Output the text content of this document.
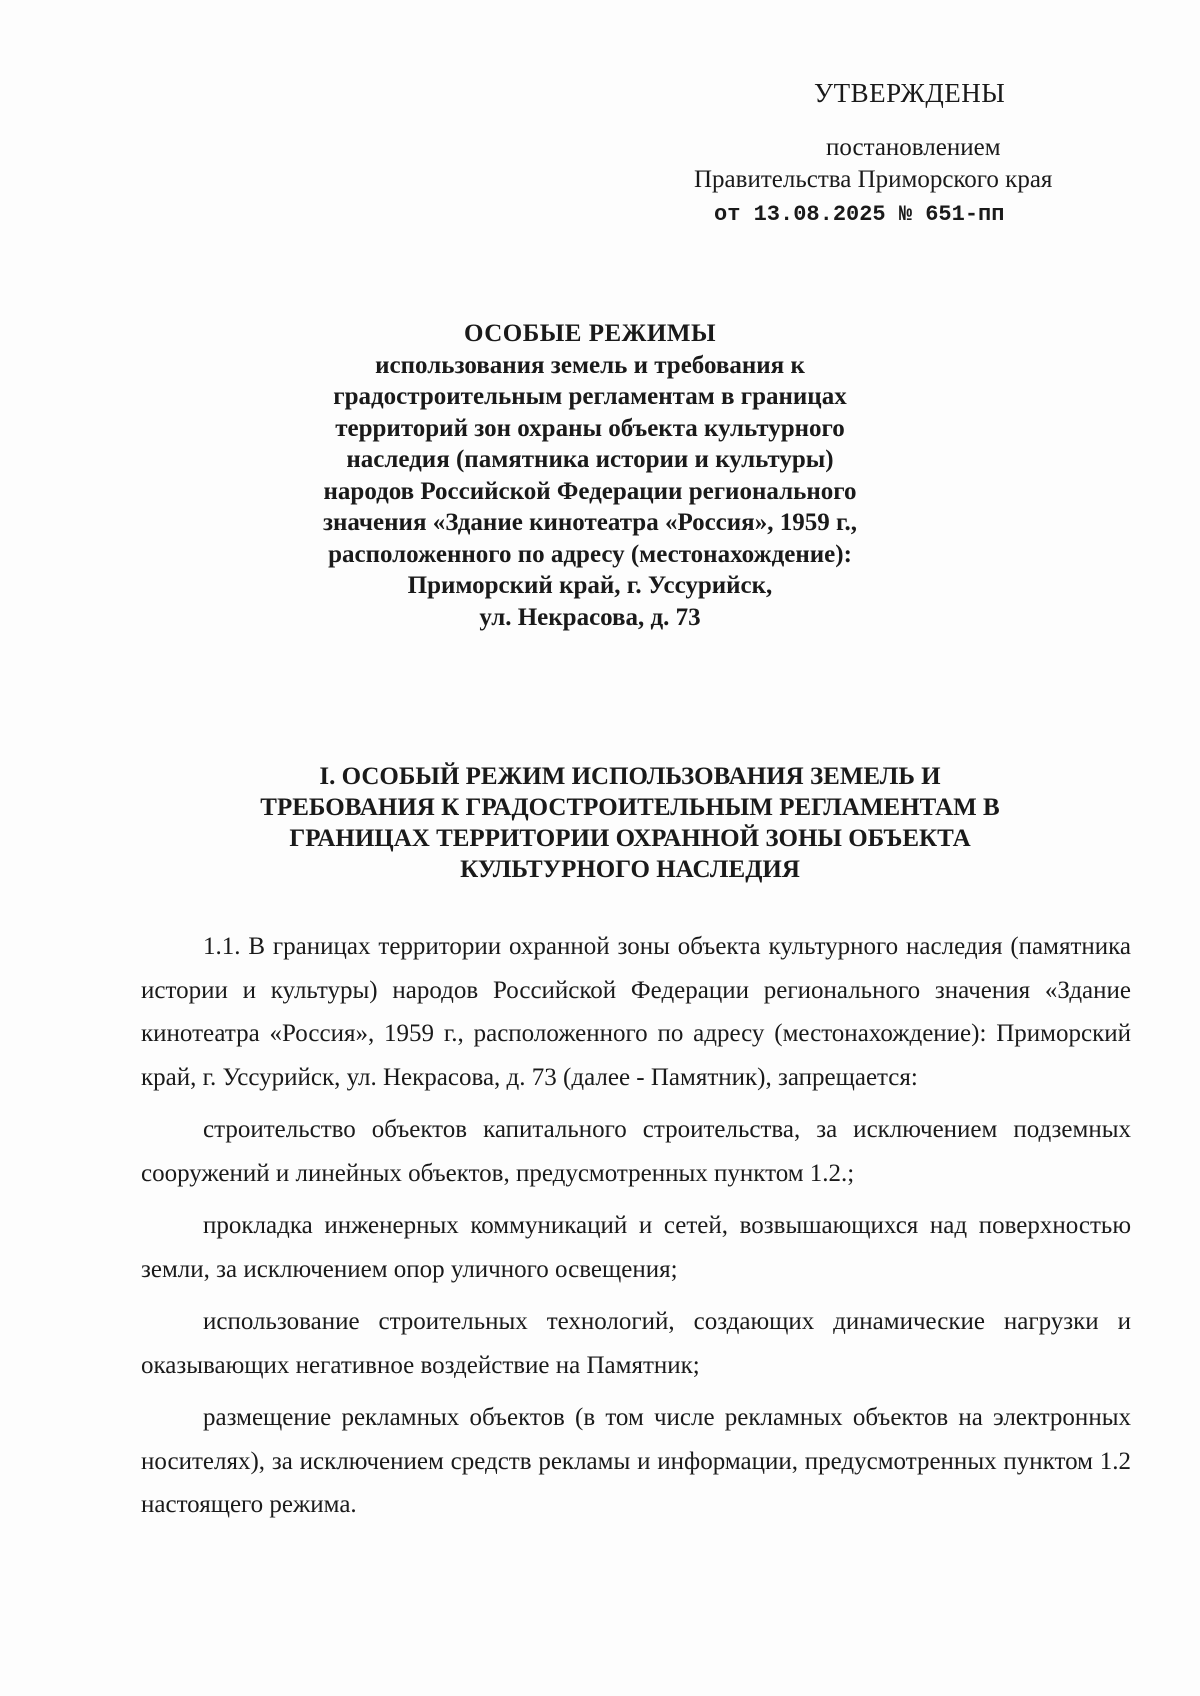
УТВЕРЖДЕНЫ
постановлением
Правительства Приморского края
от 13.08.2025 № 651-пп
ОСОБЫЕ РЕЖИМЫ
использования земель и требования к
градостроительным регламентам в границах
территорий зон охраны объекта культурного
наследия (памятника истории и культуры)
народов Российской Федерации регионального
значения «Здание кинотеатра «Россия», 1959 г.,
расположенного по адресу (местонахождение):
Приморский край, г. Уссурийск,
ул. Некрасова, д. 73
I. ОСОБЫЙ РЕЖИМ ИСПОЛЬЗОВАНИЯ ЗЕМЕЛЬ И
ТРЕБОВАНИЯ К ГРАДОСТРОИТЕЛЬНЫМ РЕГЛАМЕНТАМ В
ГРАНИЦАХ ТЕРРИТОРИИ ОХРАННОЙ ЗОНЫ ОБЪЕКТА
КУЛЬТУРНОГО НАСЛЕДИЯ

1.1. В границах территории охранной зоны объекта культурного наследия (памятника истории и культуры) народов Российской Федерации регионального значения «Здание кинотеатра «Россия», 1959 г., расположенного по адресу (местонахождение): Приморский край, г. Уссурийск, ул. Некрасова, д. 73 (далее - Памятник), запрещается:

строительство объектов капитального строительства, за исключением подземных сооружений и линейных объектов, предусмотренных пунктом 1.2.;

прокладка инженерных коммуникаций и сетей, возвышающихся над поверхностью земли, за исключением опор уличного освещения;

использование строительных технологий, создающих динамические нагрузки и оказывающих негативное воздействие на Памятник;

размещение рекламных объектов (в том числе рекламных объектов на электронных носителях), за исключением средств рекламы и информации, предусмотренных пунктом 1.2 настоящего режима.
